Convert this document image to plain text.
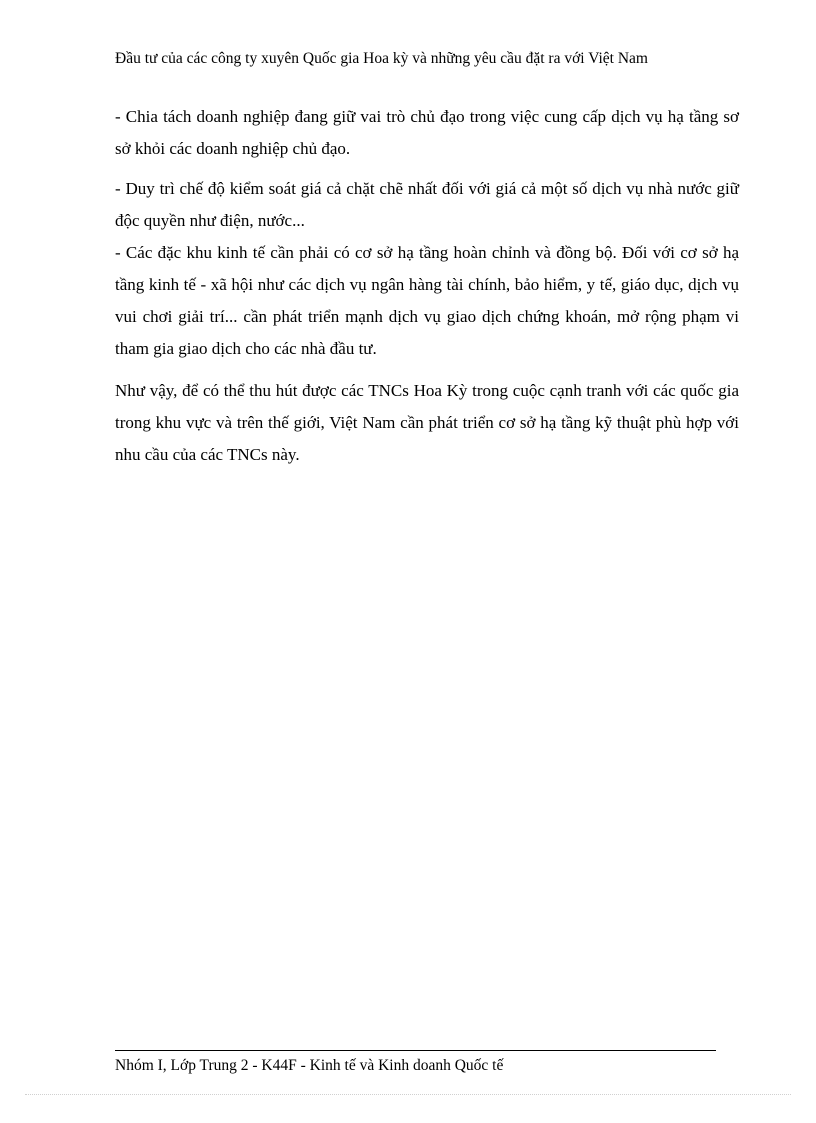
Đầu tư của các công ty xuyên Quốc gia Hoa kỳ và những yêu cầu đặt ra với Việt Nam

- Chia tách doanh nghiệp đang giữ vai trò chủ đạo trong việc cung cấp dịch vụ hạ tầng sơ sở khỏi các doanh nghiệp chủ đạo.

- Duy trì chế độ kiểm soát giá cả chặt chẽ nhất đối với giá cả một số dịch vụ nhà nước giữ độc quyền như điện, nước...

- Các đặc khu kinh tế cần phải có cơ sở hạ tầng hoàn chỉnh và đồng bộ. Đối với cơ sở hạ tầng kinh tế - xã hội như các dịch vụ ngân hàng tài chính, bảo hiểm, y tế, giáo dục, dịch vụ vui chơi giải trí... cần phát triển mạnh dịch vụ giao dịch chứng khoán, mở rộng phạm vi tham gia giao dịch cho các nhà đầu tư.

Như vậy, để có thể thu hút được các TNCs Hoa Kỳ trong cuộc cạnh tranh với các quốc gia trong khu vực và trên thế giới, Việt Nam cần phát triển cơ sở hạ tầng kỹ thuật phù hợp với nhu cầu của các TNCs này.

Nhóm I, Lớp Trung 2 - K44F - Kinh tế và Kinh doanh Quốc tế
